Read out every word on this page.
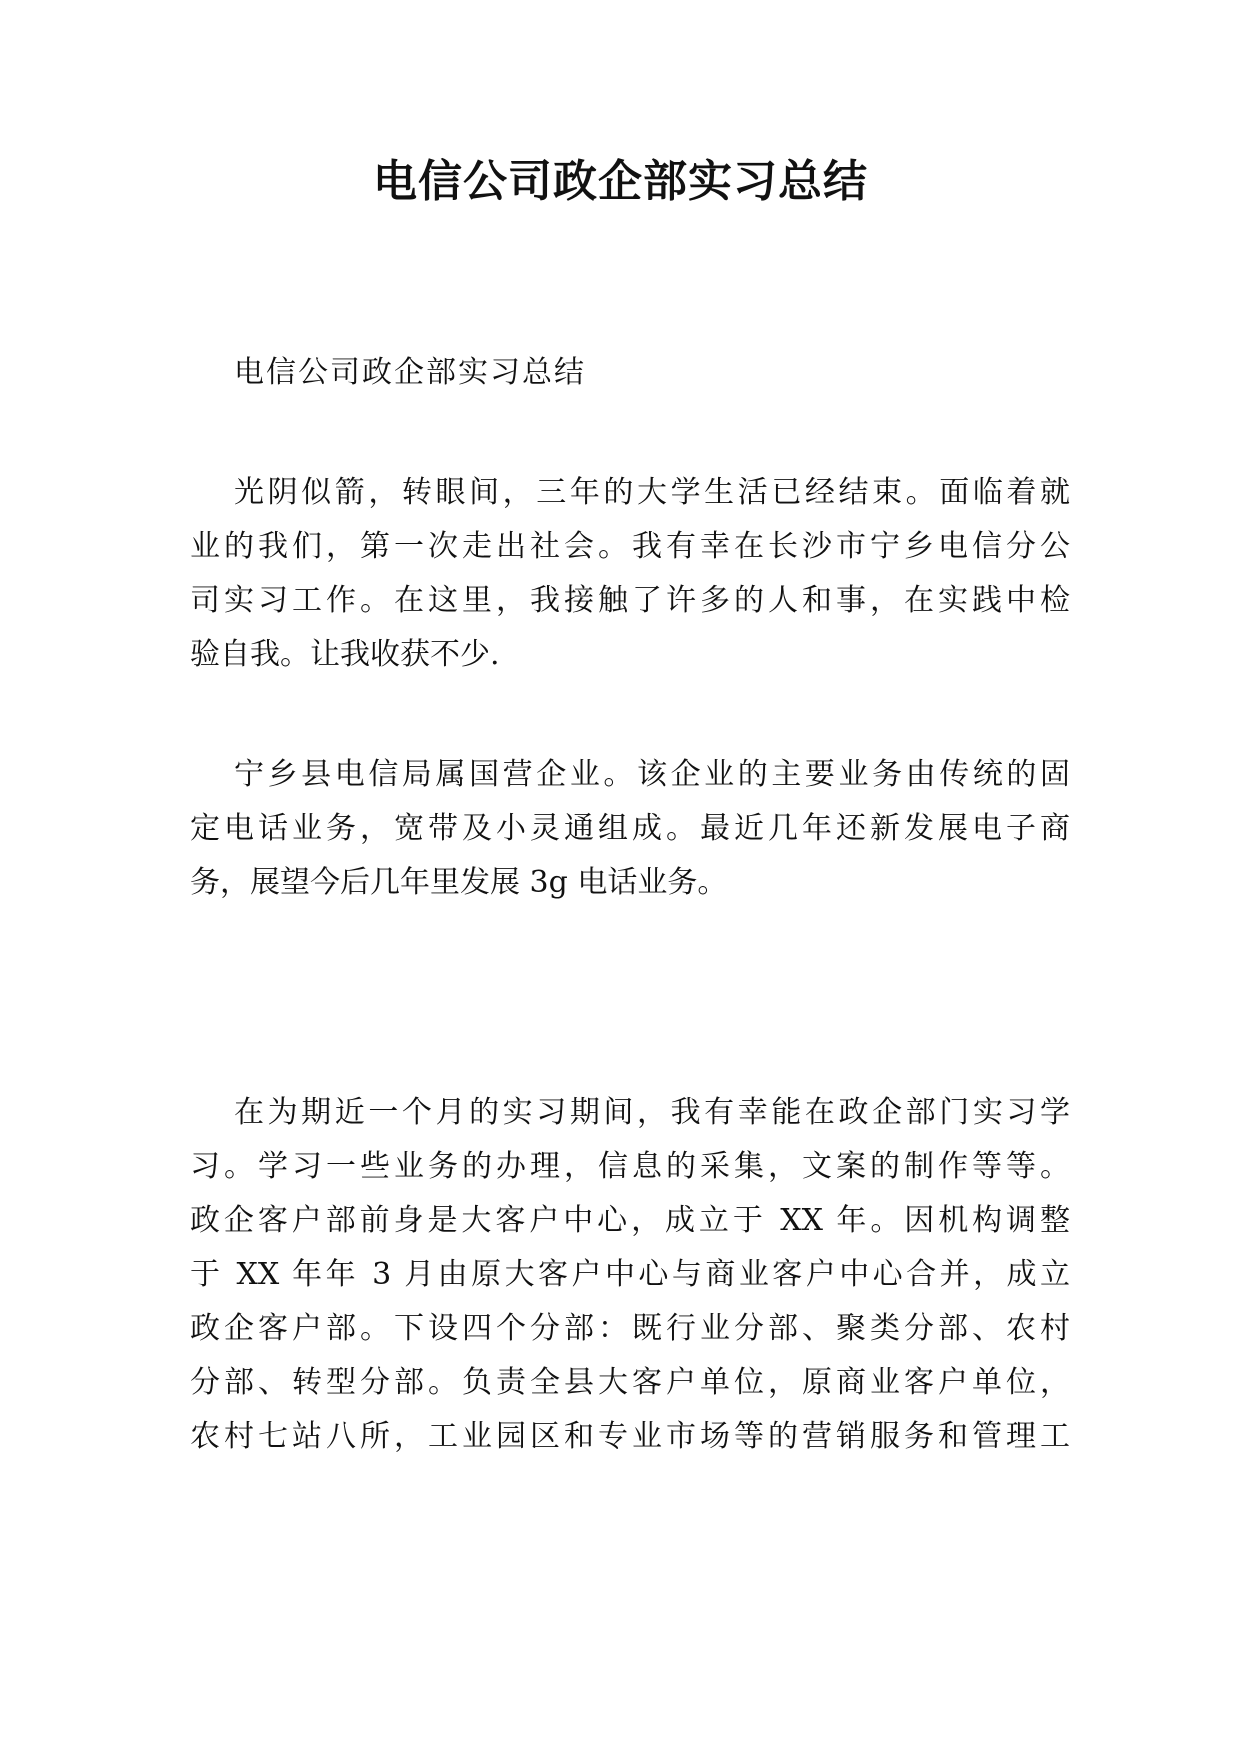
电信公司政企部实习总结

电信公司政企部实习总结

光阴似箭，转眼间，三年的大学生活已经结束。面临着就

业的我们，第一次走出社会。我有幸在长沙市宁乡电信分公

司实习工作。在这里，我接触了许多的人和事，在实践中检

验自我。让我收获不少.

宁乡县电信局属国营企业。该企业的主要业务由传统的固

定电话业务，宽带及小灵通组成。最近几年还新发展电子商

务，展望今后几年里发展 3g 电话业务。

在为期近一个月的实习期间，我有幸能在政企部门实习学

习。学习一些业务的办理，信息的采集，文案的制作等等。

政企客户部前身是大客户中心，成立于 XX 年。因机构调整

于 XX 年年 3 月由原大客户中心与商业客户中心合并，成立

政企客户部。下设四个分部：既行业分部、聚类分部、农村

分部、转型分部。负责全县大客户单位，原商业客户单位，

农村七站八所，工业园区和专业市场等的营销服务和管理工
